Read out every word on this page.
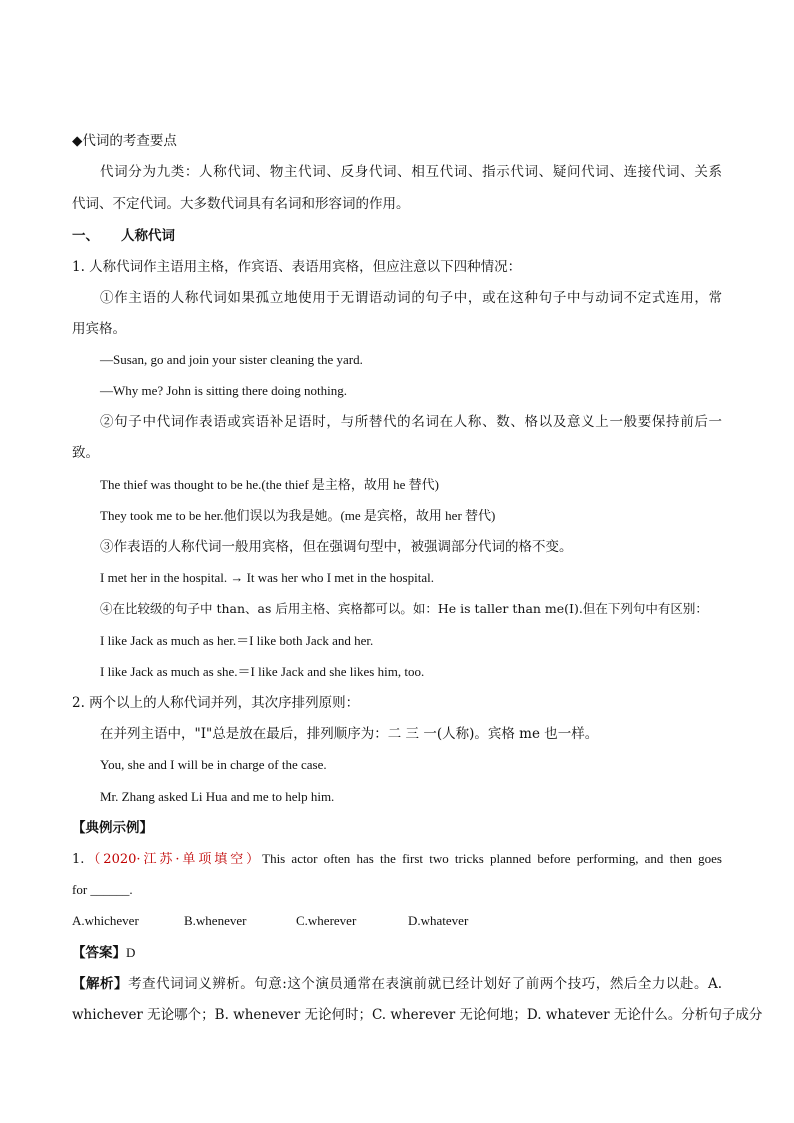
◆代词的考查要点
代词分为九类：人称代词、物主代词、反身代词、相互代词、指示代词、疑问代词、连接代词、关系
代词、不定代词。大多数代词具有名词和形容词的作用。
一、 人称代词
1. 人称代词作主语用主格，作宾语、表语用宾格，但应注意以下四种情况：
①作主语的人称代词如果孤立地使用于无谓语动词的句子中，或在这种句子中与动词不定式连用，常
用宾格。
—Susan, go and join your sister cleaning the yard.
—Why me? John is sitting there doing nothing.
②句子中代词作表语或宾语补足语时，与所替代的名词在人称、数、格以及意义上一般要保持前后一
致。
The thief was thought to be he.(the thief 是主格，故用 he 替代)
They took me to be her.他们误以为我是她。(me 是宾格，故用 her 替代)
③作表语的人称代词一般用宾格，但在强调句型中，被强调部分代词的格不变。
I met her in the hospital. → It was her who I met in the hospital.
④在比较级的句子中 than、as 后用主格、宾格都可以。如：He is taller than me(I).但在下列句中有区别：
I like Jack as much as her.＝I like both Jack and her.
I like Jack as much as she.＝I like Jack and she likes him, too.
2. 两个以上的人称代词并列，其次序排列原则：
在并列主语中，"I"总是放在最后，排列顺序为：二 三 一(人称)。宾格 me 也一样。
You, she and I will be in charge of the case.
Mr. Zhang asked Li Hua and me to help him.
【典例示例】
1.（2020·江苏·单项填空）This actor often has the first two tricks planned before performing, and then goes
for ______.
A.whichever	B.whenever	C.wherever	D.whatever
【答案】D
【解析】考查代词词义辨析。句意:这个演员通常在表演前就已经计划好了前两个技巧，然后全力以赴。A.
whichever 无论哪个；B. whenever 无论何时；C. wherever 无论何地；D. whatever 无论什么。分析句子成分
